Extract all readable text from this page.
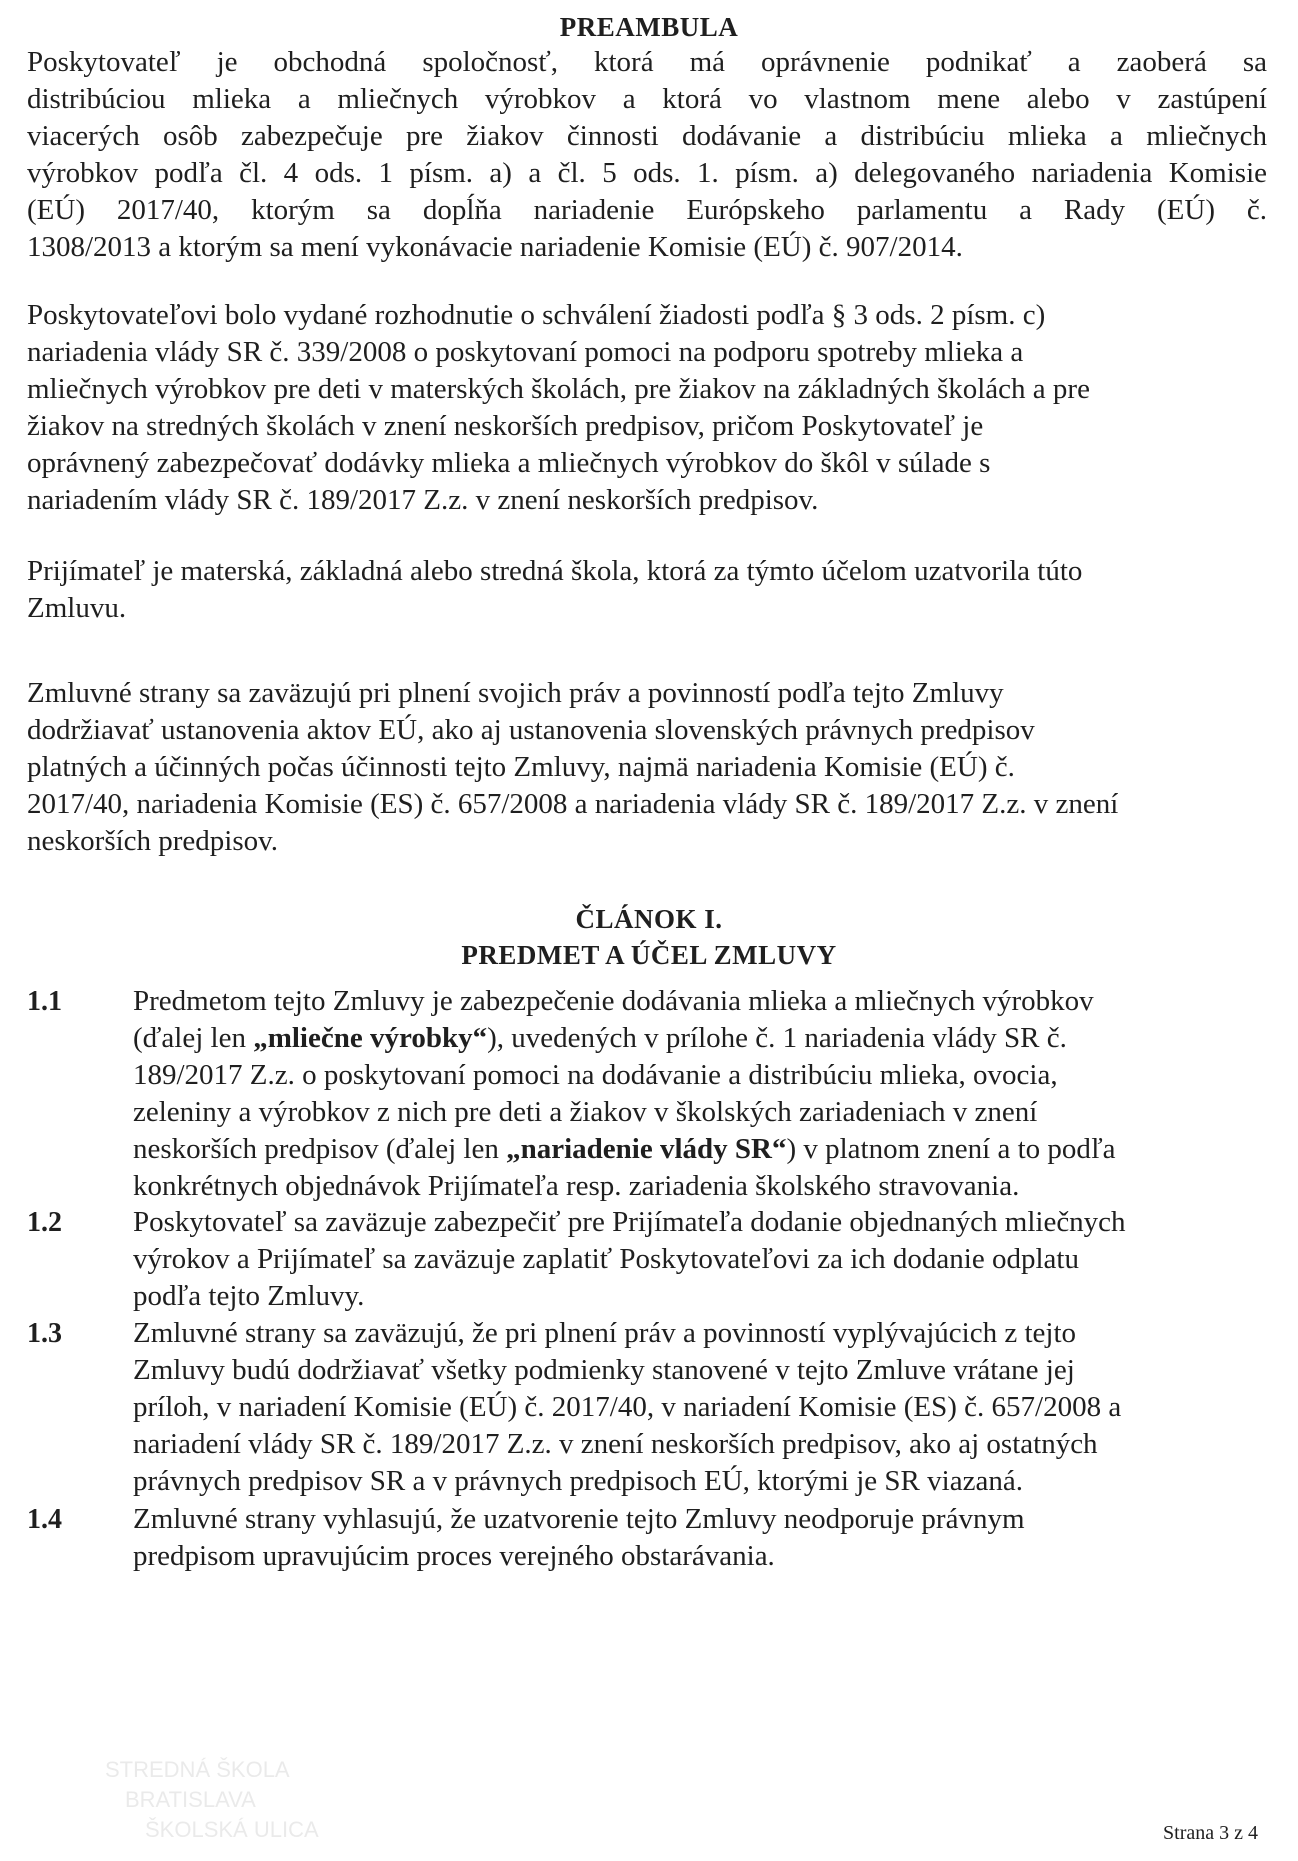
PREAMBULA
Poskytovateľ je obchodná spoločnosť, ktorá má oprávnenie podnikať a zaoberá sa
distribúciou mlieka a mliečnych výrobkov a ktorá vo vlastnom mene alebo v zastúpení
viacerých osôb zabezpečuje pre žiakov činnosti dodávanie a distribúciu mlieka a mliečnych
výrobkov podľa čl. 4 ods. 1 písm. a) a čl. 5 ods. 1. písm. a) delegovaného nariadenia Komisie
(EÚ) 2017/40, ktorým sa dopĺňa nariadenie Európskeho parlamentu a Rady (EÚ) č.
1308/2013 a ktorým sa mení vykonávacie nariadenie Komisie (EÚ) č. 907/2014.
Poskytovateľovi bolo vydané rozhodnutie o schválení žiadosti podľa § 3 ods. 2 písm. c)
nariadenia vlády SR č. 339/2008 o poskytovaní pomoci na podporu spotreby mlieka a
mliečnych výrobkov pre deti v materských školách, pre žiakov na základných školách a pre
žiakov na stredných školách v znení neskorších predpisov, pričom Poskytovateľ je
oprávnený zabezpečovať dodávky mlieka a mliečnych výrobkov do škôl v súlade s
nariadením vlády SR č. 189/2017 Z.z. v znení neskorších predpisov.
Prijímateľ je materská, základná alebo stredná škola, ktorá za týmto účelom uzatvorila túto
Zmluvu.
Zmluvné strany sa zaväzujú pri plnení svojich práv a povinností podľa tejto Zmluvy
dodržiavať ustanovenia aktov EÚ, ako aj ustanovenia slovenských právnych predpisov
platných a účinných počas účinnosti tejto Zmluvy, najmä nariadenia Komisie (EÚ) č.
2017/40, nariadenia Komisie (ES) č. 657/2008 a nariadenia vlády SR č. 189/2017 Z.z. v znení
neskorších predpisov.
ČLÁNOK I.
PREDMET A ÚČEL ZMLUVY
1.1 Predmetom tejto Zmluvy je zabezpečenie dodávania mlieka a mliečnych výrobkov
(ďalej len „mliečne výrobky“), uvedených v prílohe č. 1 nariadenia vlády SR č.
189/2017 Z.z. o poskytovaní pomoci na dodávanie a distribúciu mlieka, ovocia,
zeleniny a výrobkov z nich pre deti a žiakov v školských zariadeniach v znení
neskorších predpisov (ďalej len „nariadenie vlády SR“) v platnom znení a to podľa
konkrétnych objednávok Prijímateľa resp. zariadenia školského stravovania.
1.2 Poskytovateľ sa zaväzuje zabezpečiť pre Prijímateľa dodanie objednaných mliečnych
výrokov a Prijímateľ sa zaväzuje zaplatiť Poskytovateľovi za ich dodanie odplatu
podľa tejto Zmluvy.
1.3 Zmluvné strany sa zaväzujú, že pri plnení práv a povinností vyplývajúcich z tejto
Zmluvy budú dodržiavať všetky podmienky stanovené v tejto Zmluve vrátane jej
príloh, v nariadení Komisie (EÚ) č. 2017/40, v nariadení Komisie (ES) č. 657/2008 a
nariadení vlády SR č. 189/2017 Z.z. v znení neskorších predpisov, ako aj ostatných
právnych predpisov SR a v právnych predpisoch EÚ, ktorými je SR viazaná.
1.4 Zmluvné strany vyhlasujú, že uzatvorenie tejto Zmluvy neodporuje právnym
predpisom upravujúcim proces verejného obstarávania.
STREDNÁ ŠKOLA
BRATISLAVA
ŠKOLSKÁ ULICA	Strana 3 z 4
